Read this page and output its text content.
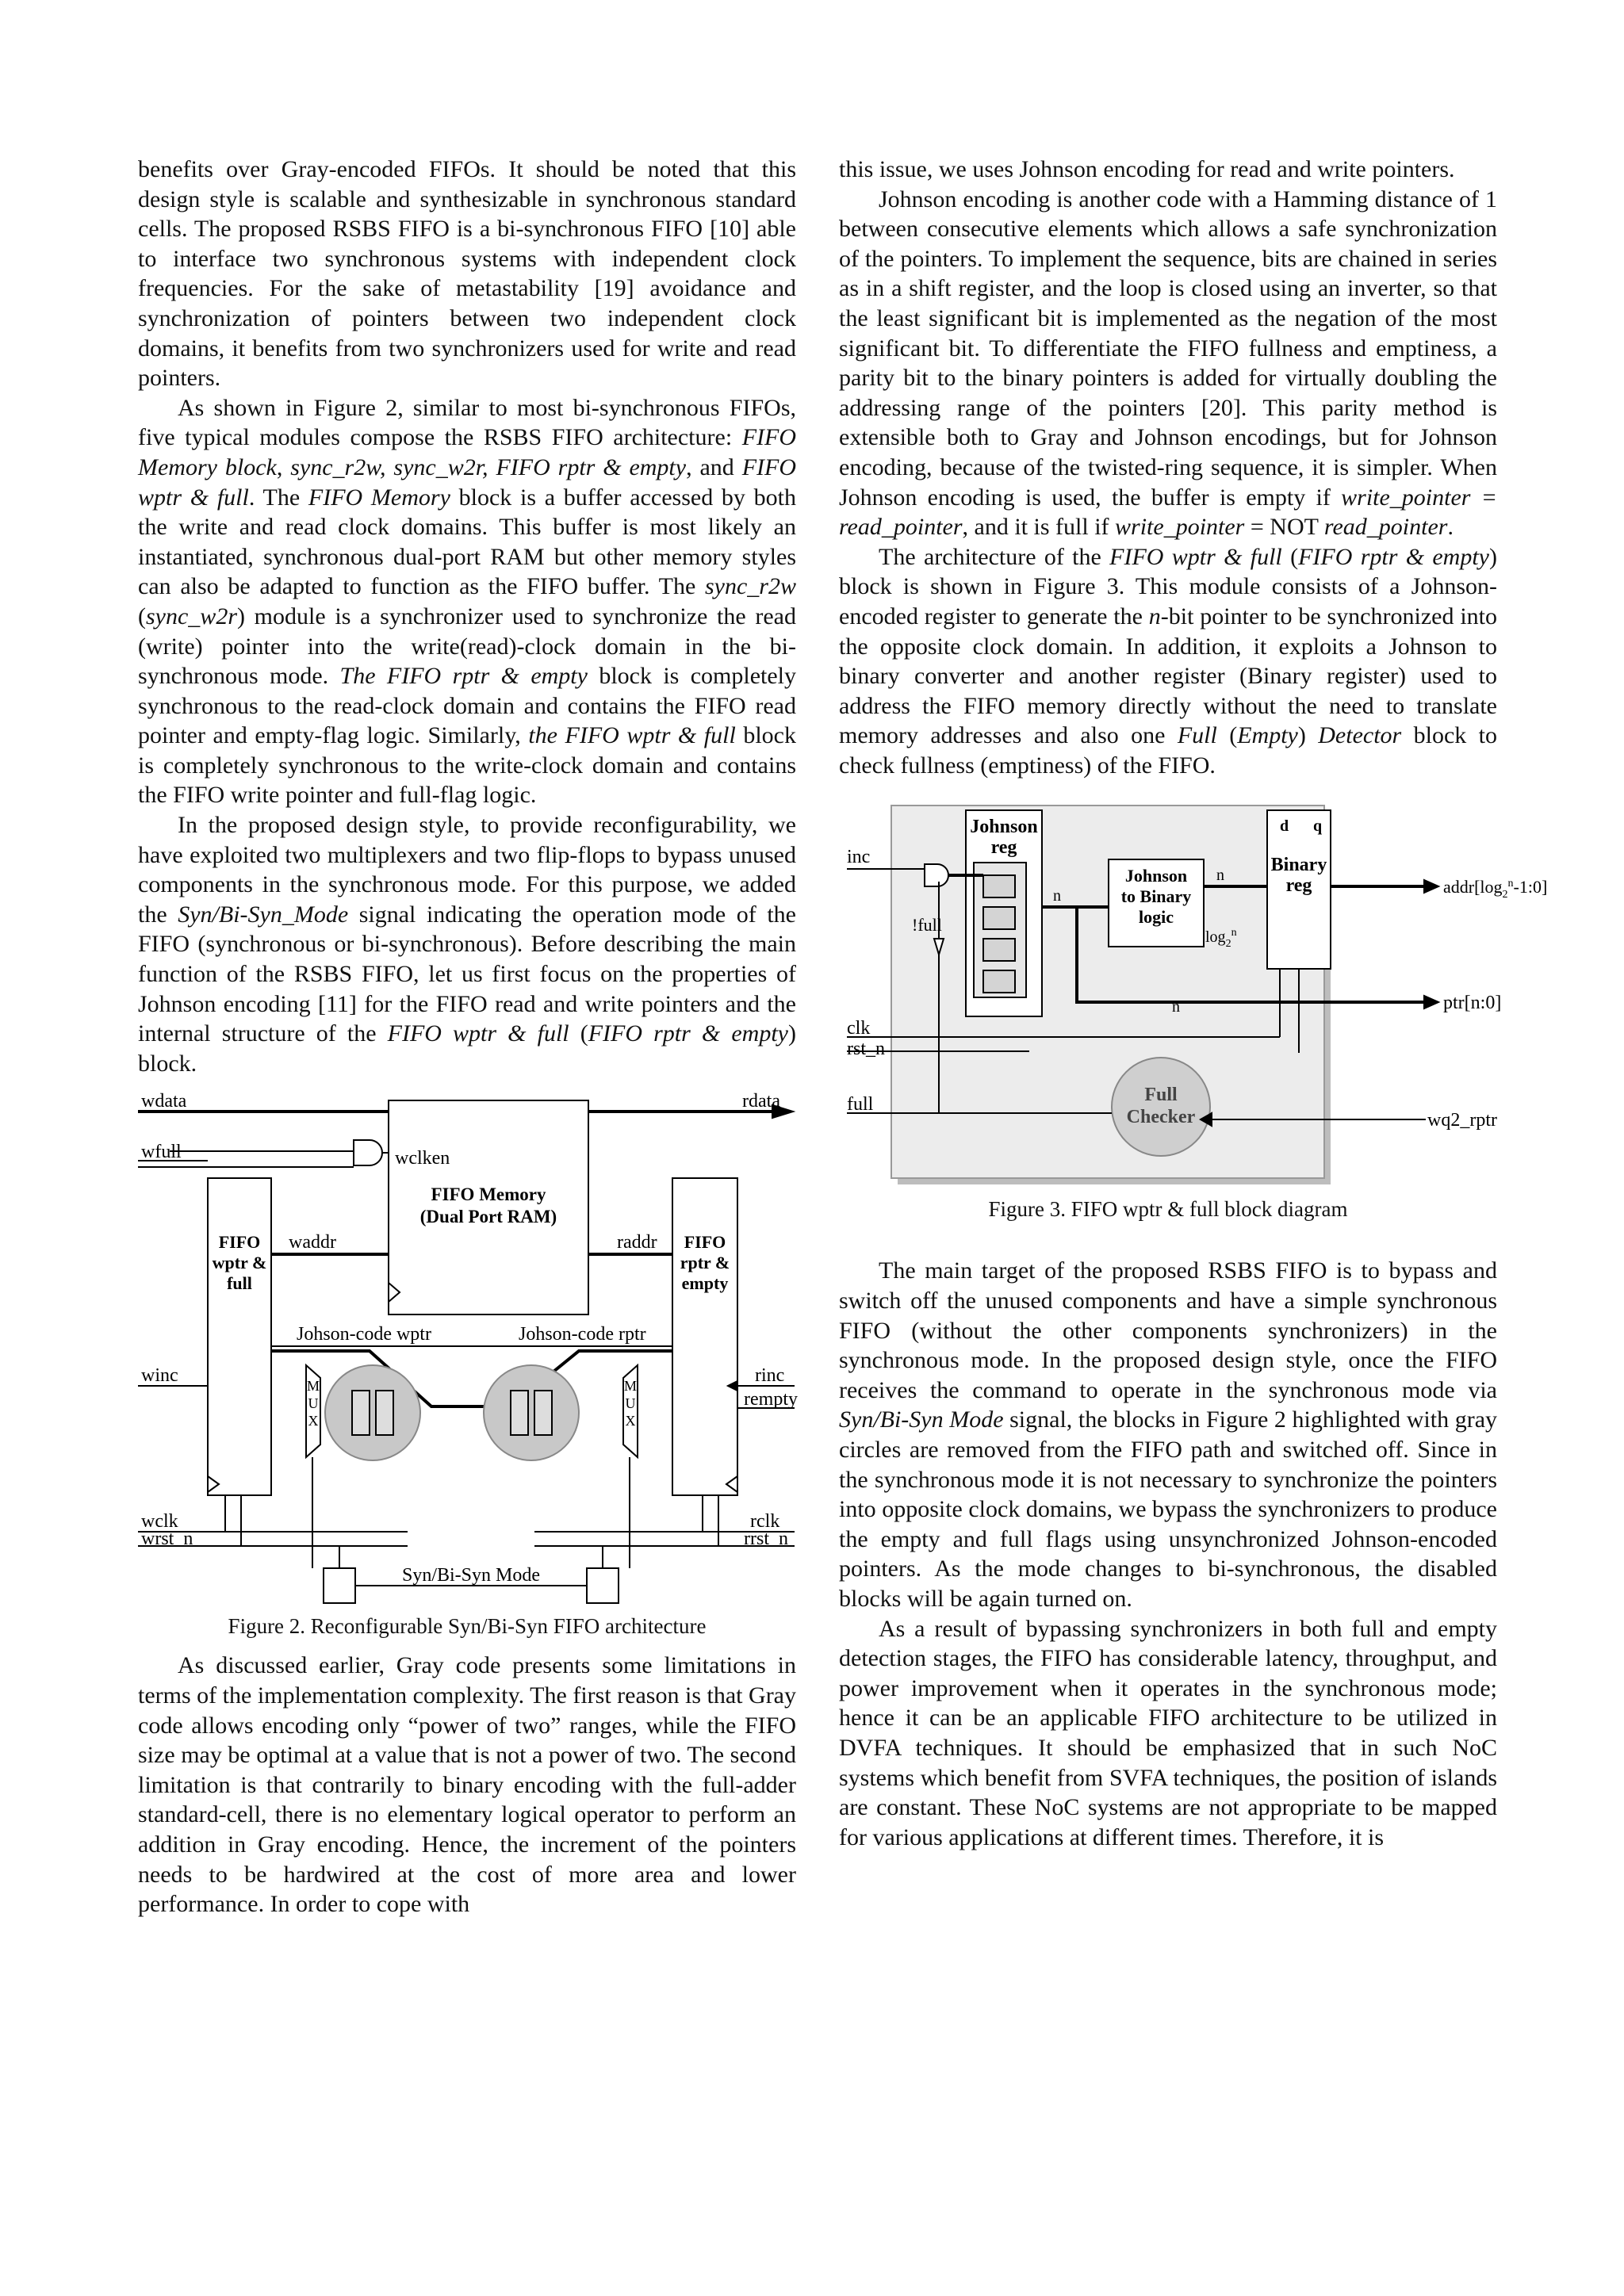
benefits over Gray-encoded FIFOs. It should be noted that this design style is scalable and synthesizable in synchronous standard cells. The proposed RSBS FIFO is a bi-synchronous FIFO [10] able to interface two synchronous systems with independent clock frequencies. For the sake of metastability [19] avoidance and synchronization of pointers between two independent clock domains, it benefits from two synchronizers used for write and read pointers.

As shown in Figure 2, similar to most bi-synchronous FIFOs, five typical modules compose the RSBS FIFO architecture: FIFO Memory block, sync_r2w, sync_w2r, FIFO rptr & empty, and FIFO wptr & full. The FIFO Memory block is a buffer accessed by both the write and read clock domains. This buffer is most likely an instantiated, synchronous dual-port RAM but other memory styles can also be adapted to function as the FIFO buffer. The sync_r2w (sync_w2r) module is a synchronizer used to synchronize the read (write) pointer into the write(read)-clock domain in the bi-synchronous mode. The FIFO rptr & empty block is completely synchronous to the read-clock domain and contains the FIFO read pointer and empty-flag logic. Similarly, the FIFO wptr & full block is completely synchronous to the write-clock domain and contains the FIFO write pointer and full-flag logic.

In the proposed design style, to provide reconfigurability, we have exploited two multiplexers and two flip-flops to bypass unused components in the synchronous mode. For this purpose, we added the Syn/Bi-Syn_Mode signal indicating the operation mode of the FIFO (synchronous or bi-synchronous). Before describing the main function of the RSBS FIFO, let us first focus on the properties of Johnson encoding [11] for the FIFO read and write pointers and the internal structure of the FIFO wptr & full (FIFO rptr & empty) block.

wdata	rdata
wfull	wclken
FIFO Memory
(Dual Port RAM)
FIFO
wptr &
full
FIFO
rptr &
empty
waddr	raddr
Johson-code wptr	Johson-code rptr
winc	rinc
rempty
wclk
wrst_n
rclk
rrst_n
Syn/Bi-Syn Mode
M
U
X
M
U
X

Figure 2. Reconfigurable Syn/Bi-Syn FIFO architecture

As discussed earlier, Gray code presents some limitations in terms of the implementation complexity. The first reason is that Gray code allows encoding only “power of two” ranges, while the FIFO size may be optimal at a value that is not a power of two. The second limitation is that contrarily to binary encoding with the full-adder standard-cell, there is no elementary logical operator to perform an addition in Gray encoding. Hence, the increment of the pointers needs to be hardwired at the cost of more area and lower performance. In order to cope with

this issue, we uses Johnson encoding for read and write pointers.

Johnson encoding is another code with a Hamming distance of 1 between consecutive elements which allows a safe synchronization of the pointers. To implement the sequence, bits are chained in series as in a shift register, and the loop is closed using an inverter, so that the least significant bit is implemented as the negation of the most significant bit. To differentiate the FIFO fullness and emptiness, a parity bit to the binary pointers is added for virtually doubling the addressing range of the pointers [20]. This parity method is extensible both to Gray and Johnson encodings, but for Johnson encoding, because of the twisted-ring sequence, it is simpler. When Johnson encoding is used, the buffer is empty if write_pointer = read_pointer, and it is full if write_pointer = NOT read_pointer.

The architecture of the FIFO wptr & full (FIFO rptr & empty) block is shown in Figure 3. This module consists of a Johnson-encoded register to generate the n-bit pointer to be synchronized into the opposite clock domain. In addition, it exploits a Johnson to binary converter and another register (Binary register) used to address the FIFO memory directly without the need to translate memory addresses and also one Full (Empty) Detector block to check fullness (emptiness) of the FIFO.

Johnson
reg
Johnson
to Binary
logic
d q
Binary
reg
inc
!full
n
n
n
$\log_2^n$
$addr[\log_2^n-1:0]$
ptr[n:0]
clk
rst_n
full	Full
Checker	wq2_rptr

Figure 3. FIFO wptr & full block diagram

The main target of the proposed RSBS FIFO is to bypass and switch off the unused components and have a simple synchronous FIFO (without the other components synchronizers) in the synchronous mode. In the proposed design style, once the FIFO receives the command to operate in the synchronous mode via Syn/Bi-Syn Mode signal, the blocks in Figure 2 highlighted with gray circles are removed from the FIFO path and switched off. Since in the synchronous mode it is not necessary to synchronize the pointers into opposite clock domains, we bypass the synchronizers to produce the empty and full flags using unsynchronized Johnson-encoded pointers. As the mode changes to bi-synchronous, the disabled blocks will be again turned on.

As a result of bypassing synchronizers in both full and empty detection stages, the FIFO has considerable latency, throughput, and power improvement when it operates in the synchronous mode; hence it can be an applicable FIFO architecture to be utilized in DVFA techniques. It should be emphasized that in such NoC systems which benefit from SVFA techniques, the position of islands are constant. These NoC systems are not appropriate to be mapped for various applications at different times. Therefore, it is
